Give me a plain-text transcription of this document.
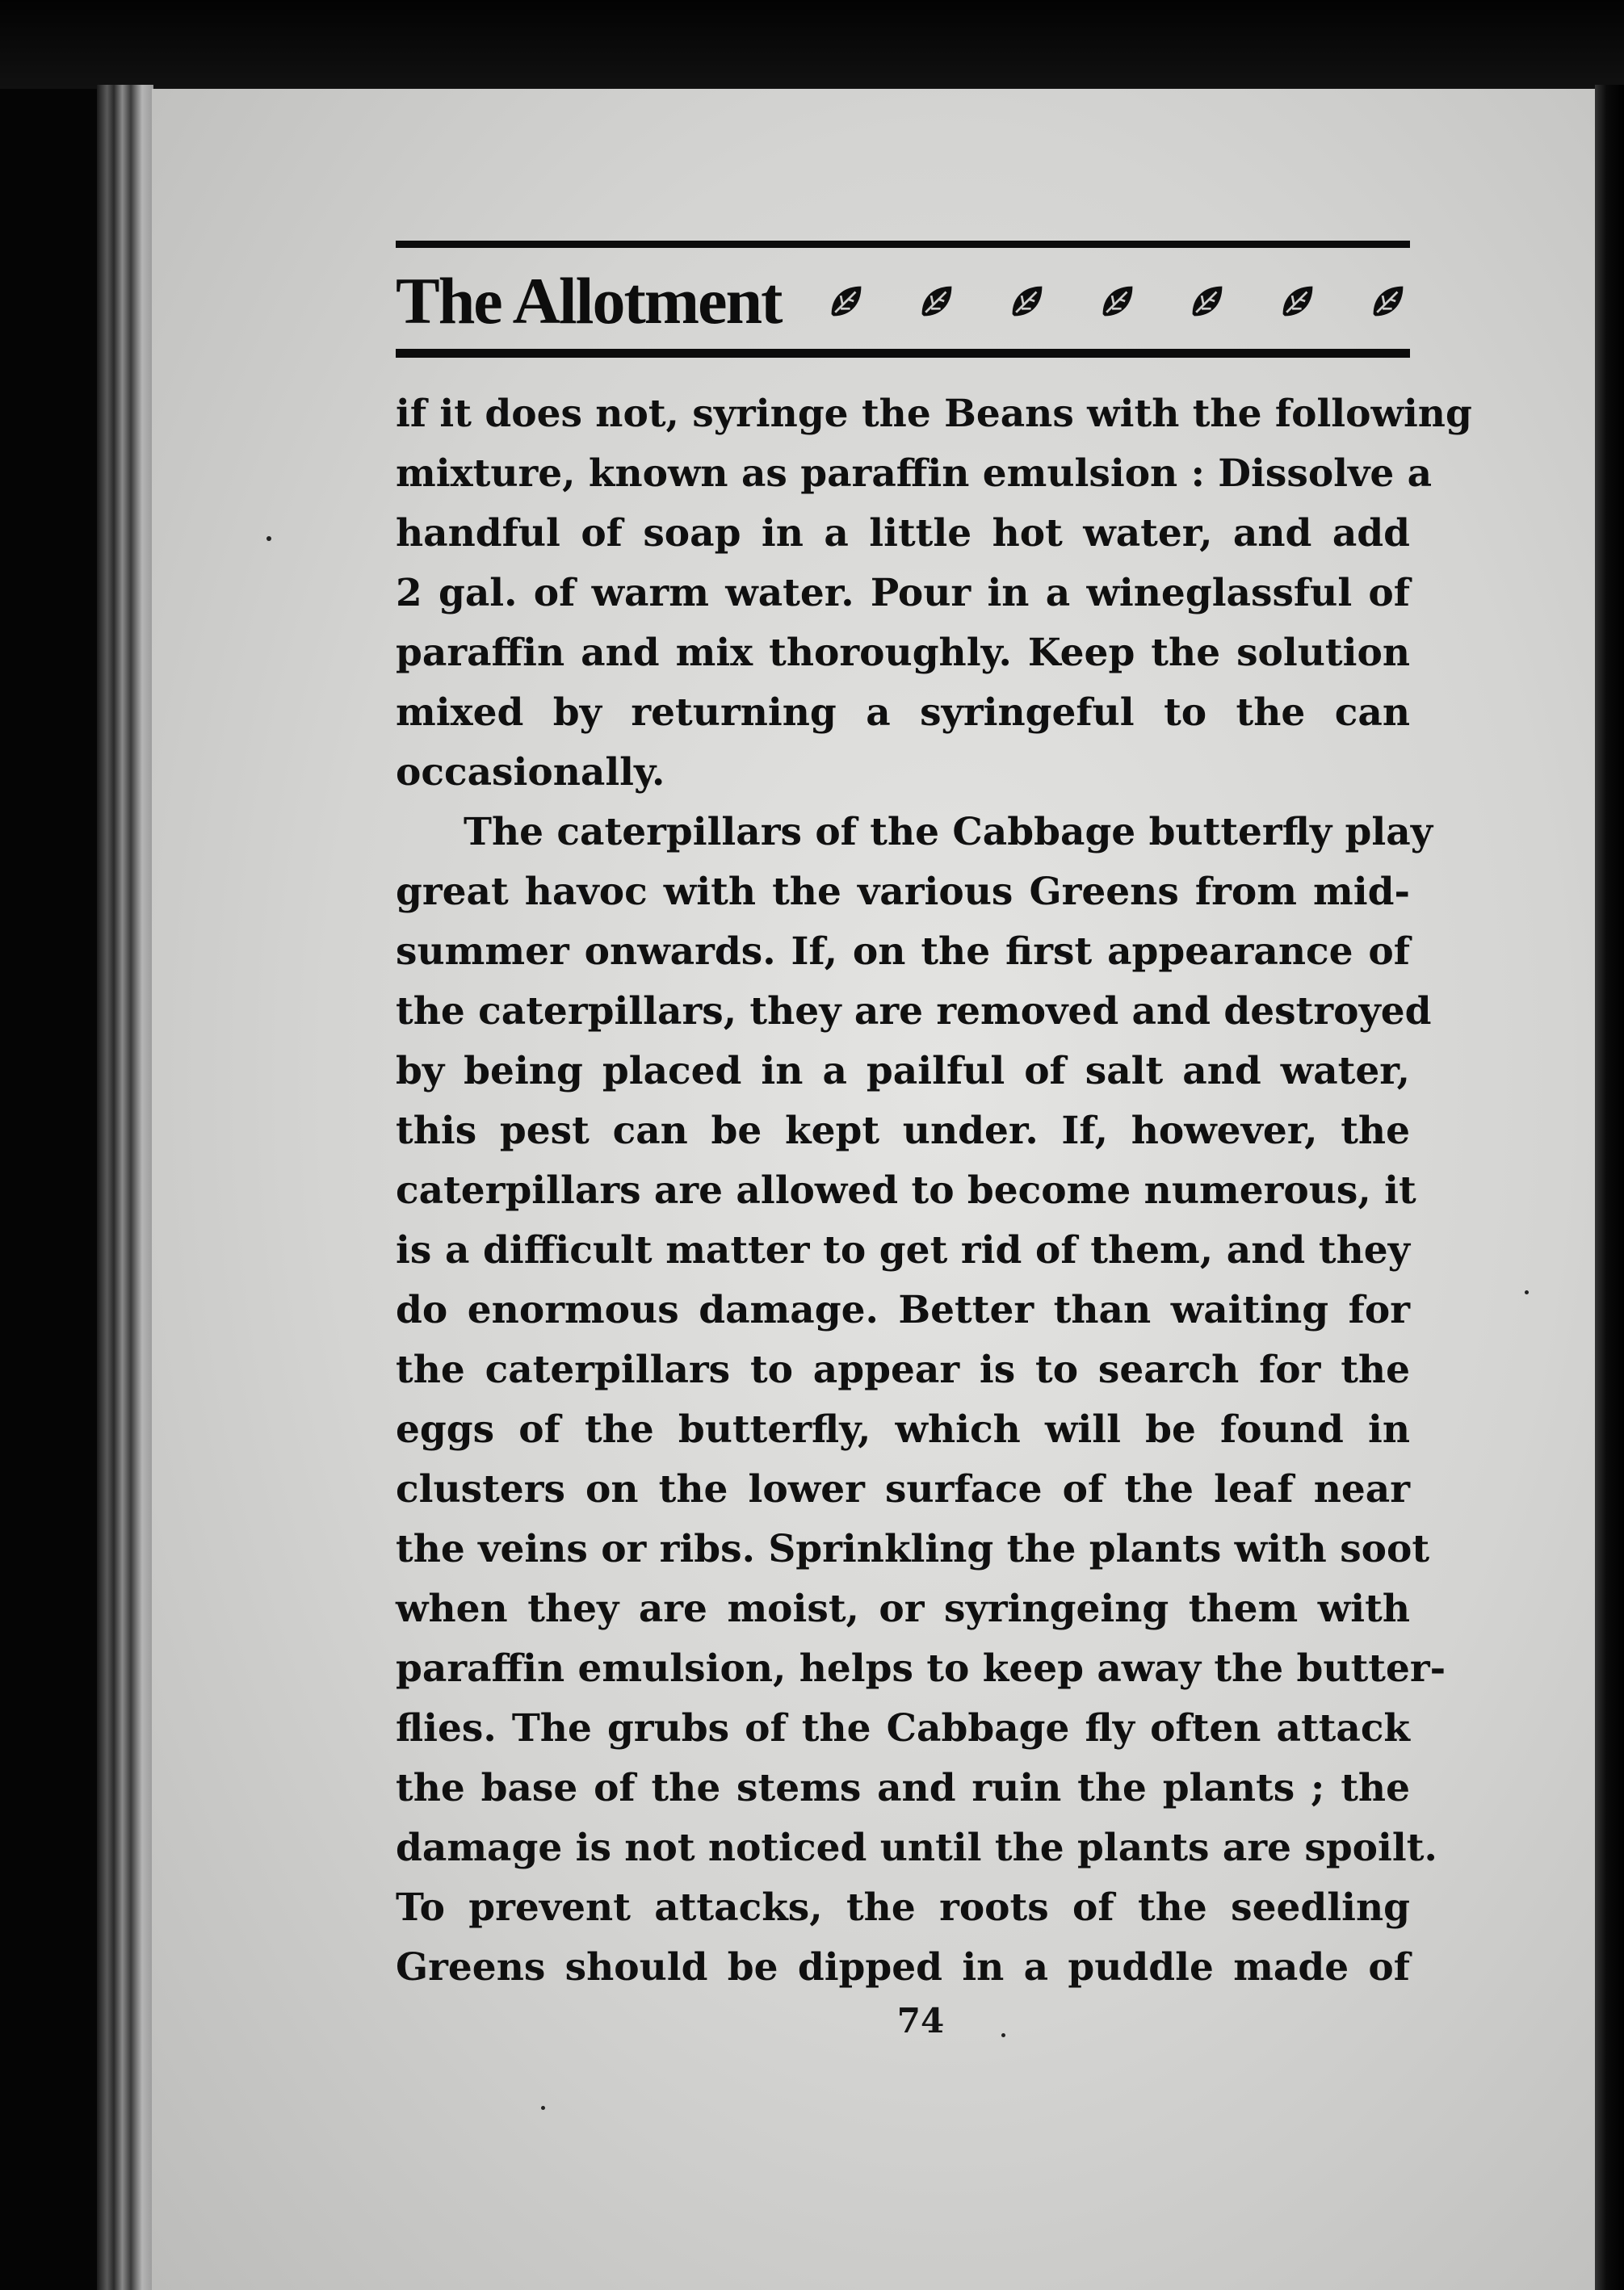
The Allotment
if it does not, syringe the Beans with the following
mixture, known as paraffin emulsion : Dissolve a
handful of soap in a little hot water, and add
2 gal. of warm water. Pour in a wineglassful of
paraffin and mix thoroughly. Keep the solution
mixed by returning a syringeful to the can
occasionally.
The caterpillars of the Cabbage butterfly play
great havoc with the various Greens from mid-
summer onwards. If, on the first appearance of
the caterpillars, they are removed and destroyed
by being placed in a pailful of salt and water,
this pest can be kept under. If, however, the
caterpillars are allowed to become numerous, it
is a difficult matter to get rid of them, and they
do enormous damage. Better than waiting for
the caterpillars to appear is to search for the
eggs of the butterfly, which will be found in
clusters on the lower surface of the leaf near
the veins or ribs. Sprinkling the plants with soot
when they are moist, or syringeing them with
paraffin emulsion, helps to keep away the butter-
flies. The grubs of the Cabbage fly often attack
the base of the stems and ruin the plants ; the
damage is not noticed until the plants are spoilt.
To prevent attacks, the roots of the seedling
Greens should be dipped in a puddle made of
74
